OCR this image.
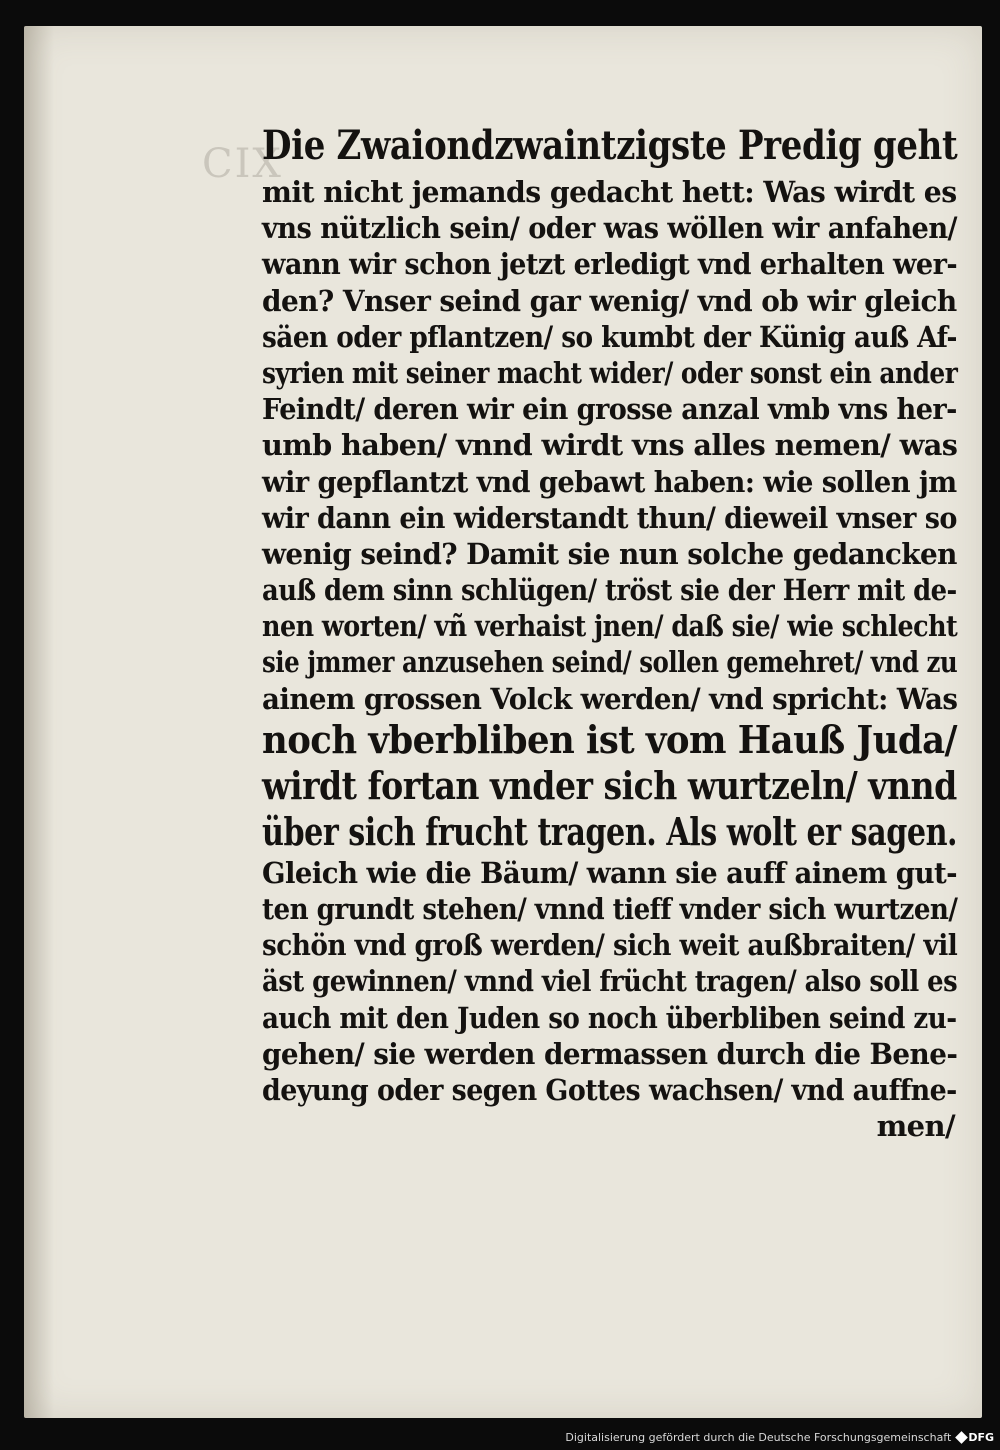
CIX
Die Zwaiondzwaintzigste Predig geht
mit nicht jemands gedacht hett: Was wirdt es
vns nützlich sein/ oder was wöllen wir anfahen/
wann wir schon jetzt erledigt vnd erhalten wer-
den? Vnser seind gar wenig/ vnd ob wir gleich
säen oder pflantzen/ so kumbt der Künig auß Af-
syrien mit seiner macht wider/ oder sonst ein ander
Feindt/ deren wir ein grosse anzal vmb vns her-
umb haben/ vnnd wirdt vns alles nemen/ was
wir gepflantzt vnd gebawt haben: wie sollen jm
wir dann ein widerstandt thun/ dieweil vnser so
wenig seind? Damit sie nun solche gedancken
auß dem sinn schlügen/ tröst sie der Herr mit de-
nen worten/ vñ verhaist jnen/ daß sie/ wie schlecht
sie jmmer anzusehen seind/ sollen gemehret/ vnd zu
ainem grossen Volck werden/ vnd spricht: Was
noch vberbliben ist vom Hauß Juda/
wirdt fortan vnder sich wurtzeln/ vnnd
über sich frucht tragen. Als wolt er sagen.
Gleich wie die Bäum/ wann sie auff ainem gut-
ten grundt stehen/ vnnd tieff vnder sich wurtzen/
schön vnd groß werden/ sich weit außbraiten/ vil
äst gewinnen/ vnnd viel frücht tragen/ also soll es
auch mit den Juden so noch überbliben seind zu-
gehen/ sie werden dermassen durch die Bene-
deyung oder segen Gottes wachsen/ vnd auffne-
men/
Digitalisierung gefördert durch die Deutsche Forschungsgemeinschaft DFG
